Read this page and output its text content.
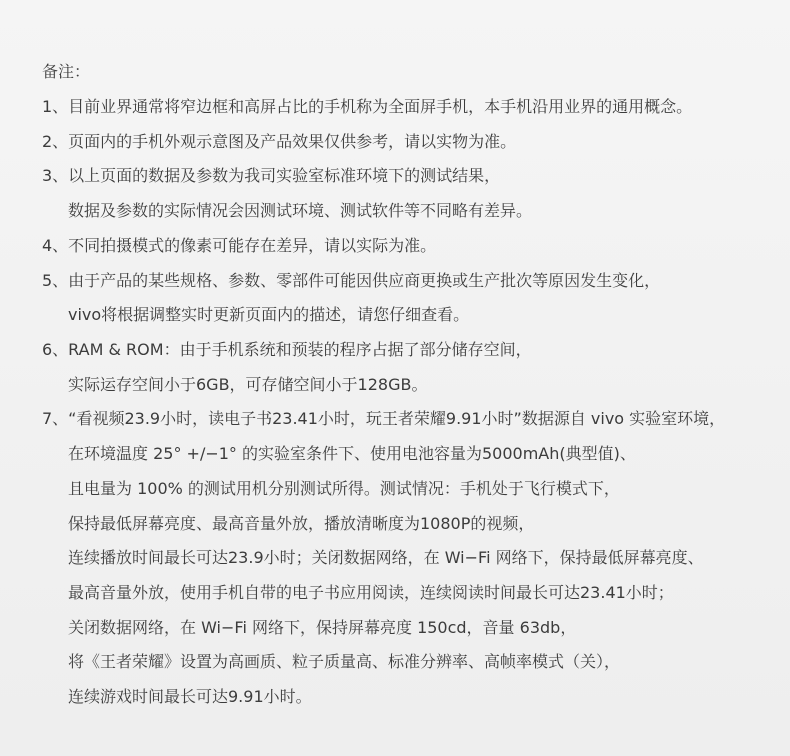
备注：
1、目前业界通常将窄边框和高屏占比的手机称为全面屏手机，本手机沿用业界的通用概念。
2、页面内的手机外观示意图及产品效果仅供参考，请以实物为准。
3、以上页面的数据及参数为我司实验室标准环境下的测试结果，
数据及参数的实际情况会因测试环境、测试软件等不同略有差异。
4、不同拍摄模式的像素可能存在差异，请以实际为准。
5、由于产品的某些规格、参数、零部件可能因供应商更换或生产批次等原因发生变化，
vivo将根据调整实时更新页面内的描述，请您仔细查看。
6、RAM & ROM：由于手机系统和预装的程序占据了部分储存空间，
实际运存空间小于6GB，可存储空间小于128GB。
7、“看视频23.9小时，读电子书23.41小时，玩王者荣耀9.91小时”数据源自 vivo 实验室环境，
在环境温度 25° +/−1° 的实验室条件下、使用电池容量为5000mAh(典型值)、
且电量为 100% 的测试用机分别测试所得。测试情况：手机处于飞行模式下，
保持最低屏幕亮度、最高音量外放，播放清晰度为1080P的视频，
连续播放时间最长可达23.9小时；关闭数据网络，在 Wi−Fi 网络下，保持最低屏幕亮度、
最高音量外放，使用手机自带的电子书应用阅读，连续阅读时间最长可达23.41小时；
关闭数据网络，在 Wi−Fi 网络下，保持屏幕亮度 150cd，音量 63db，
将《王者荣耀》设置为高画质、粒子质量高、标准分辨率、高帧率模式（关），
连续游戏时间最长可达9.91小时。
